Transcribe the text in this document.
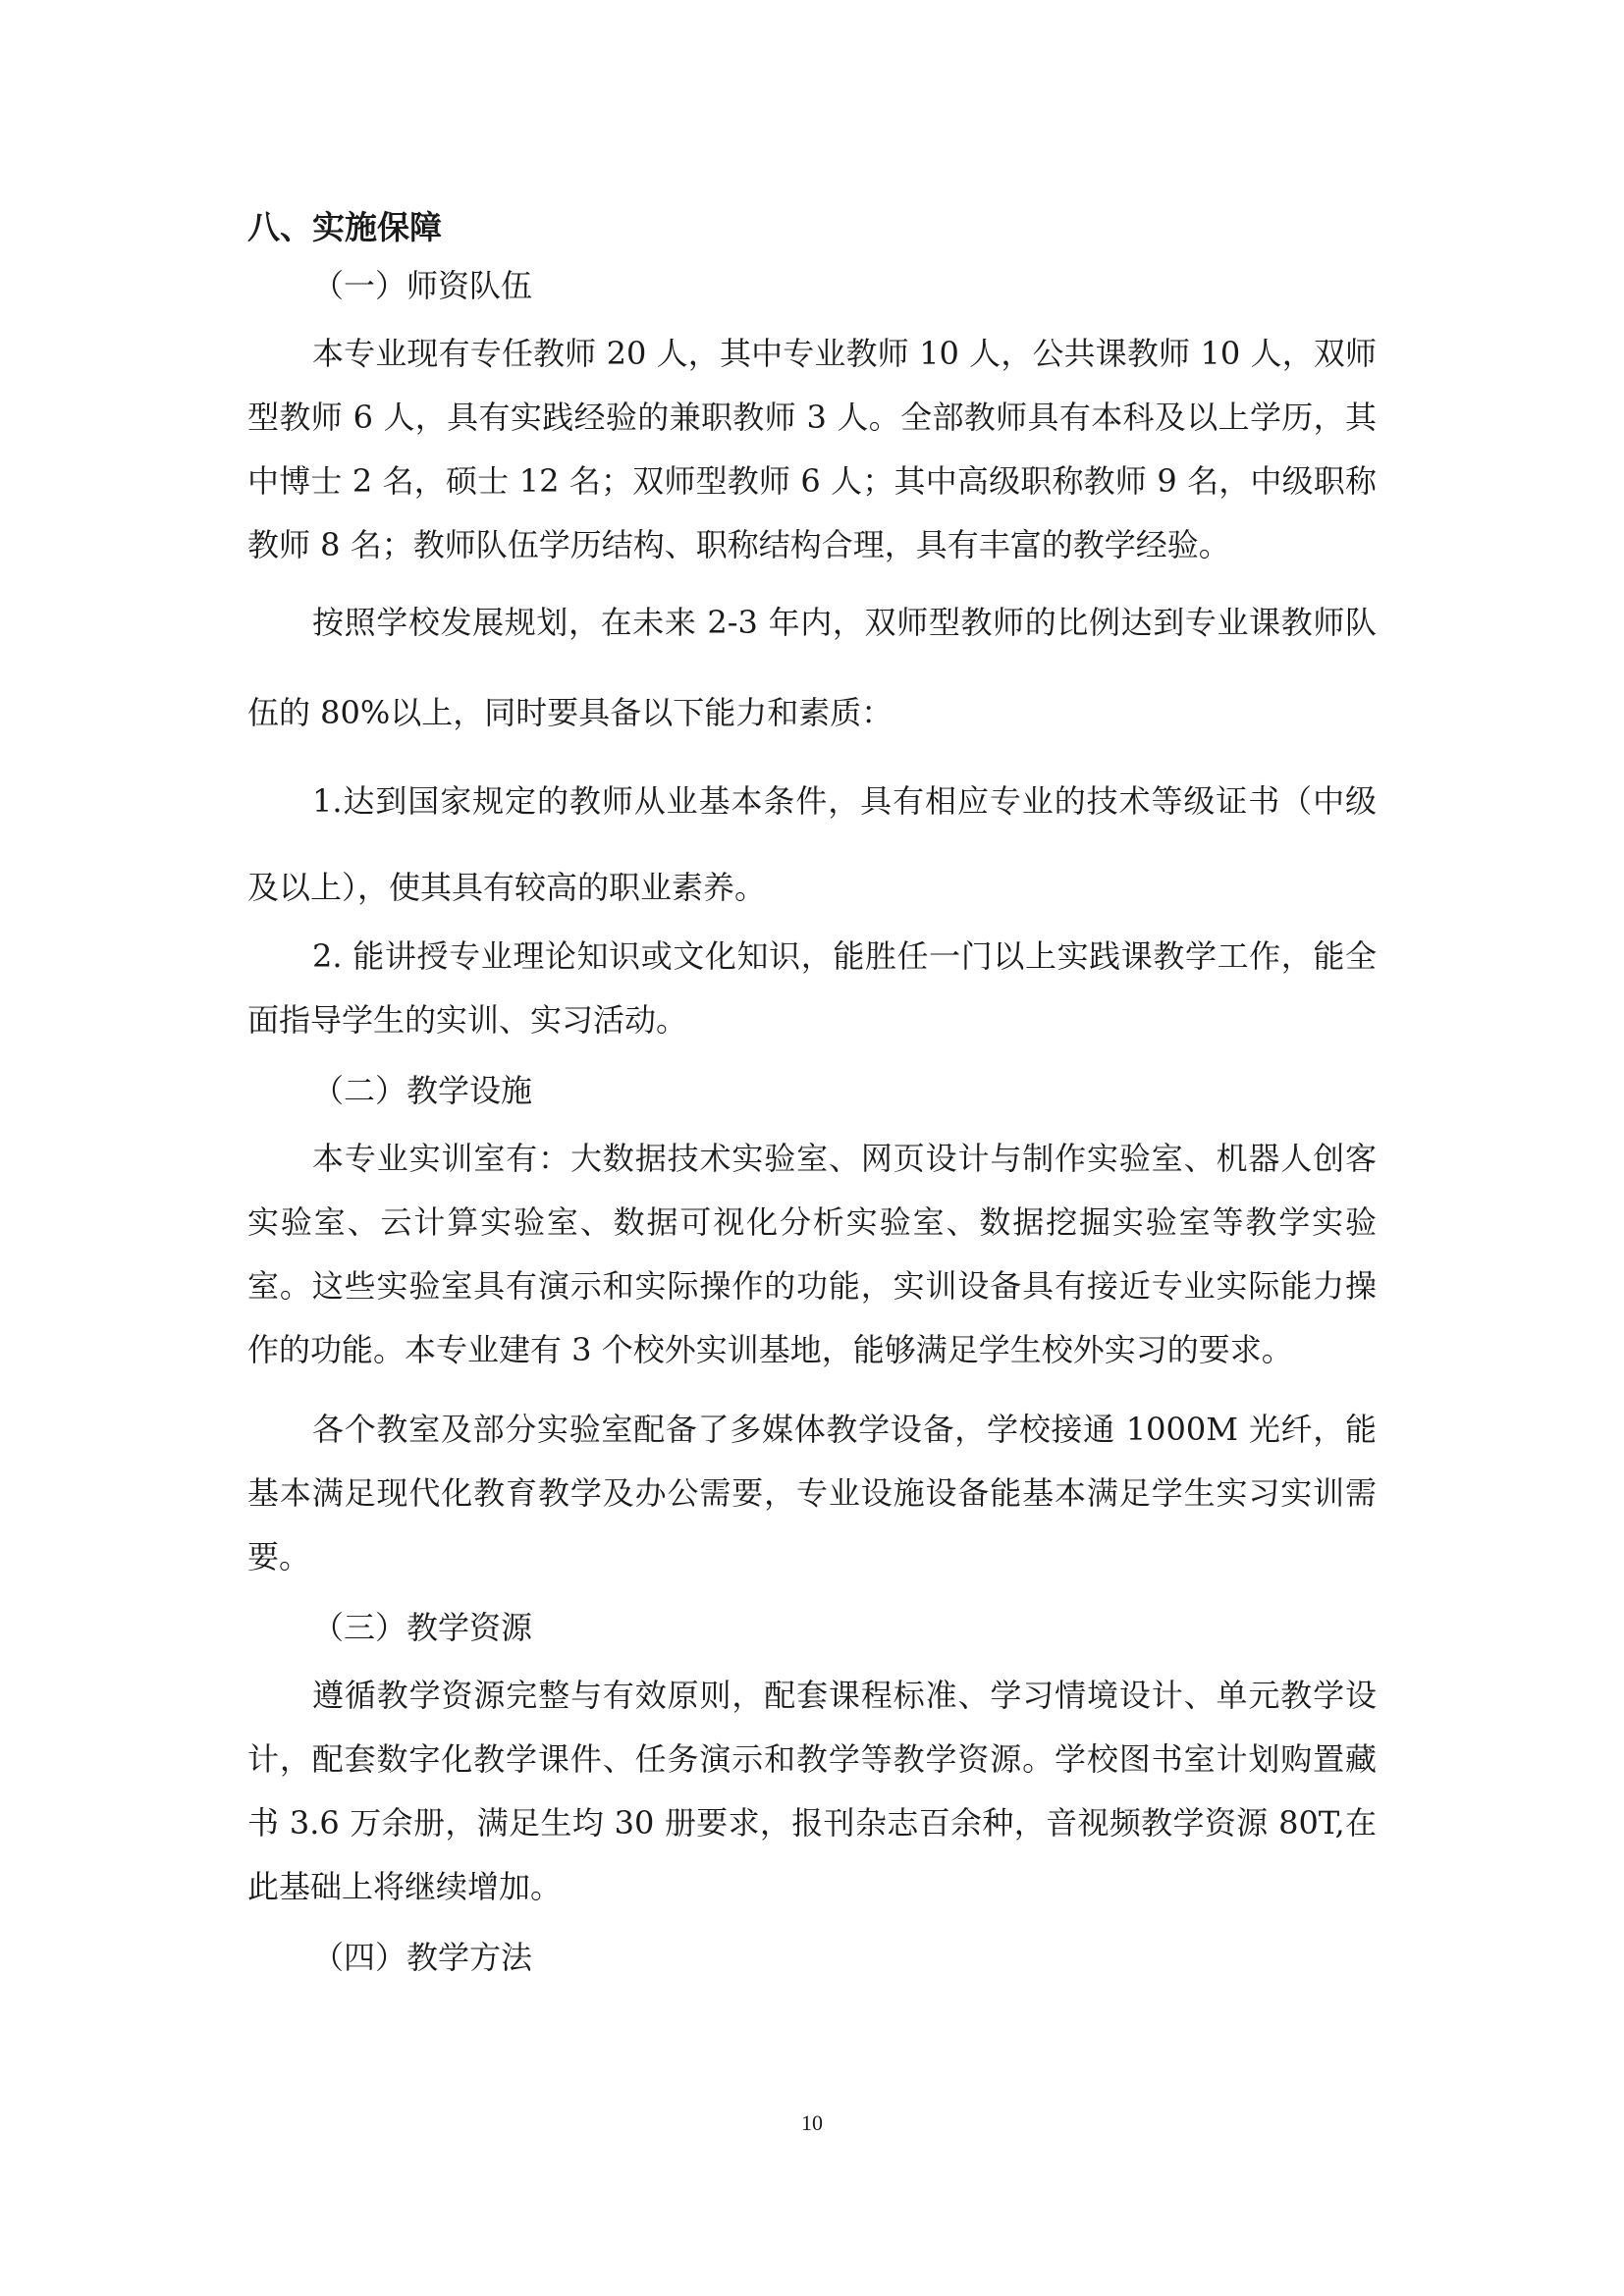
八、实施保障
（一）师资队伍

本专业现有专任教师 20 人，其中专业教师 10 人，公共课教师 10 人，双师型教师 6 人，具有实践经验的兼职教师 3 人。全部教师具有本科及以上学历，其中博士 2 名，硕士 12 名；双师型教师 6 人；其中高级职称教师 9 名，中级职称教师 8 名；教师队伍学历结构、职称结构合理，具有丰富的教学经验。

按照学校发展规划，在未来 2-3 年内，双师型教师的比例达到专业课教师队伍的 80%以上，同时要具备以下能力和素质：

1.达到国家规定的教师从业基本条件，具有相应专业的技术等级证书（中级及以上），使其具有较高的职业素养。

2. 能讲授专业理论知识或文化知识，能胜任一门以上实践课教学工作，能全面指导学生的实训、实习活动。

（二）教学设施

本专业实训室有：大数据技术实验室、网页设计与制作实验室、机器人创客实验室、云计算实验室、数据可视化分析实验室、数据挖掘实验室等教学实验室。这些实验室具有演示和实际操作的功能，实训设备具有接近专业实际能力操作的功能。本专业建有 3 个校外实训基地，能够满足学生校外实习的要求。

各个教室及部分实验室配备了多媒体教学设备，学校接通 1000M 光纤，能基本满足现代化教育教学及办公需要，专业设施设备能基本满足学生实习实训需要。

（三）教学资源

遵循教学资源完整与有效原则，配套课程标准、学习情境设计、单元教学设计，配套数字化教学课件、任务演示和教学等教学资源。学校图书室计划购置藏书 3.6 万余册，满足生均 30 册要求，报刊杂志百余种，音视频教学资源 80T,在此基础上将继续增加。

（四）教学方法
10
